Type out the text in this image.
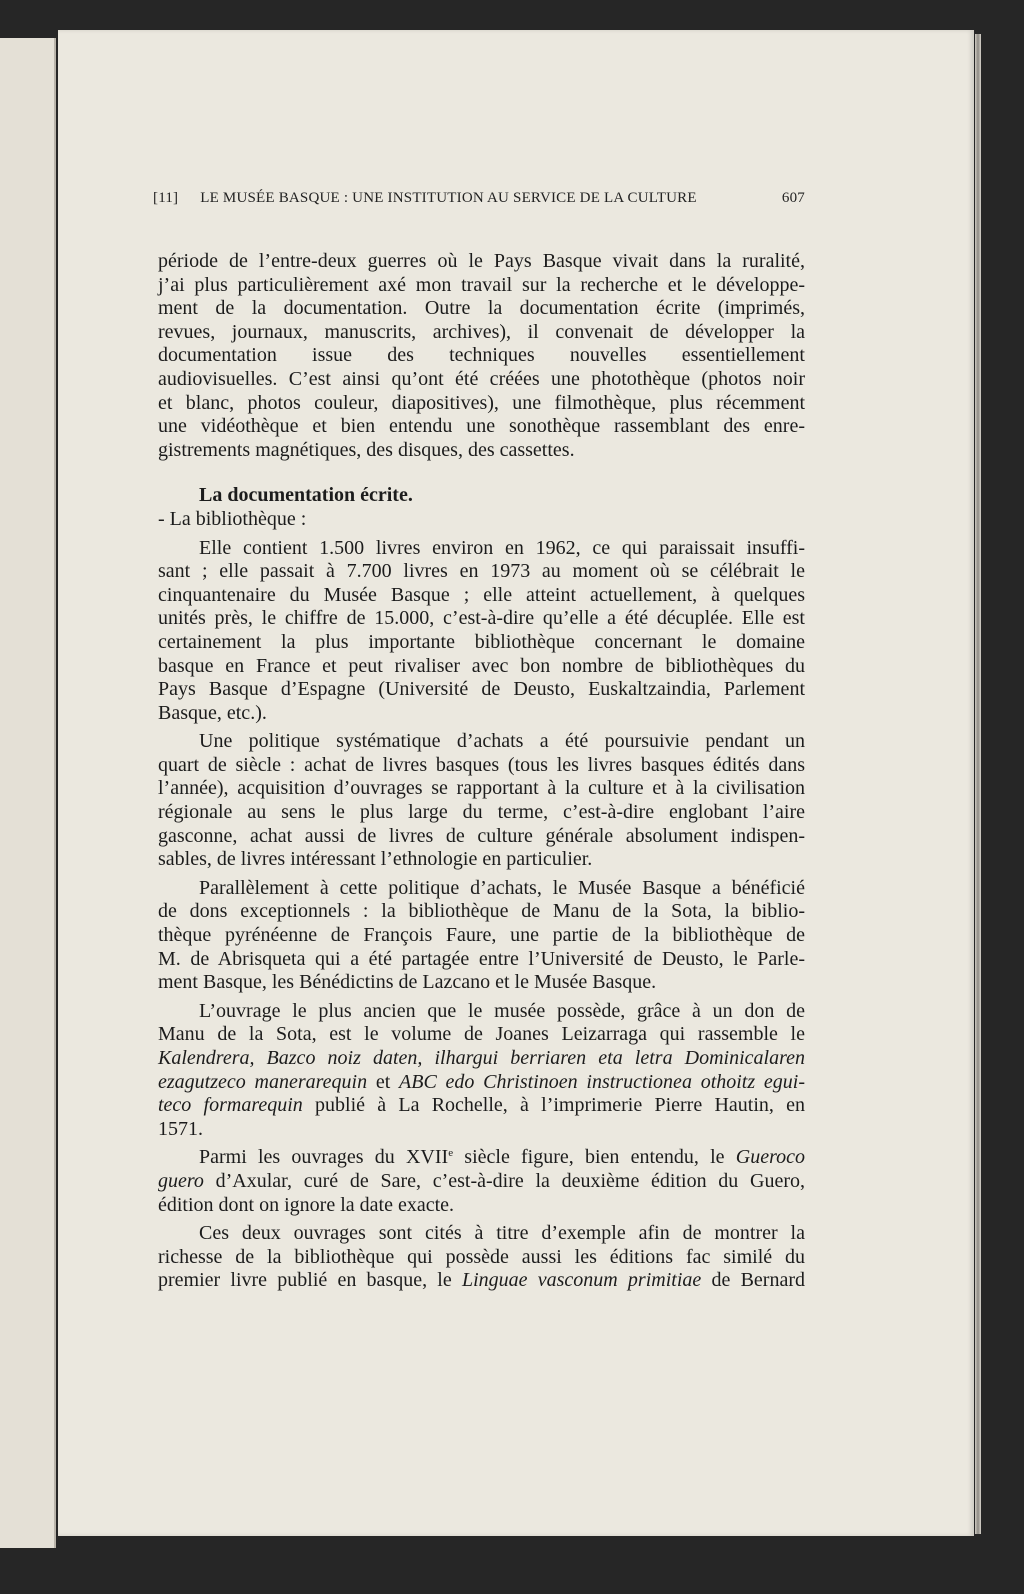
[11] LE MUSÉE BASQUE : UNE INSTITUTION AU SERVICE DE LA CULTURE	607
période de l’entre-deux guerres où le Pays Basque vivait dans la ruralité,
j’ai plus particulièrement axé mon travail sur la recherche et le développe-
ment de la documentation. Outre la documentation écrite (imprimés,
revues, journaux, manuscrits, archives), il convenait de développer la
documentation issue des techniques nouvelles essentiellement
audiovisuelles. C’est ainsi qu’ont été créées une photothèque (photos noir
et blanc, photos couleur, diapositives), une filmothèque, plus récemment
une vidéothèque et bien entendu une sonothèque rassemblant des enre-
gistrements magnétiques, des disques, des cassettes.
La documentation écrite.
- La bibliothèque :
Elle contient 1.500 livres environ en 1962, ce qui paraissait insuffi-
sant ; elle passait à 7.700 livres en 1973 au moment où se célébrait le
cinquantenaire du Musée Basque ; elle atteint actuellement, à quelques
unités près, le chiffre de 15.000, c’est-à-dire qu’elle a été décuplée. Elle est
certainement la plus importante bibliothèque concernant le domaine
basque en France et peut rivaliser avec bon nombre de bibliothèques du
Pays Basque d’Espagne (Université de Deusto, Euskaltzaindia, Parlement
Basque, etc.).
Une politique systématique d’achats a été poursuivie pendant un
quart de siècle : achat de livres basques (tous les livres basques édités dans
l’année), acquisition d’ouvrages se rapportant à la culture et à la civilisation
régionale au sens le plus large du terme, c’est-à-dire englobant l’aire
gasconne, achat aussi de livres de culture générale absolument indispen-
sables, de livres intéressant l’ethnologie en particulier.
Parallèlement à cette politique d’achats, le Musée Basque a bénéficié
de dons exceptionnels : la bibliothèque de Manu de la Sota, la biblio-
thèque pyrénéenne de François Faure, une partie de la bibliothèque de
M. de Abrisqueta qui a été partagée entre l’Université de Deusto, le Parle-
ment Basque, les Bénédictins de Lazcano et le Musée Basque.
L’ouvrage le plus ancien que le musée possède, grâce à un don de
Manu de la Sota, est le volume de Joanes Leizarraga qui rassemble le
Kalendrera, Bazco noiz daten, ilhargui berriaren eta letra Dominicalaren
ezagutzeco manerarequin et ABC edo Christinoen instructionea othoitz egui-
teco formarequin publié à La Rochelle, à l’imprimerie Pierre Hautin, en
1571.
Parmi les ouvrages du XVIIe siècle figure, bien entendu, le Gueroco
guero d’Axular, curé de Sare, c’est-à-dire la deuxième édition du Guero,
édition dont on ignore la date exacte.
Ces deux ouvrages sont cités à titre d’exemple afin de montrer la
richesse de la bibliothèque qui possède aussi les éditions fac similé du
premier livre publié en basque, le Linguae vasconum primitiae de Bernard
